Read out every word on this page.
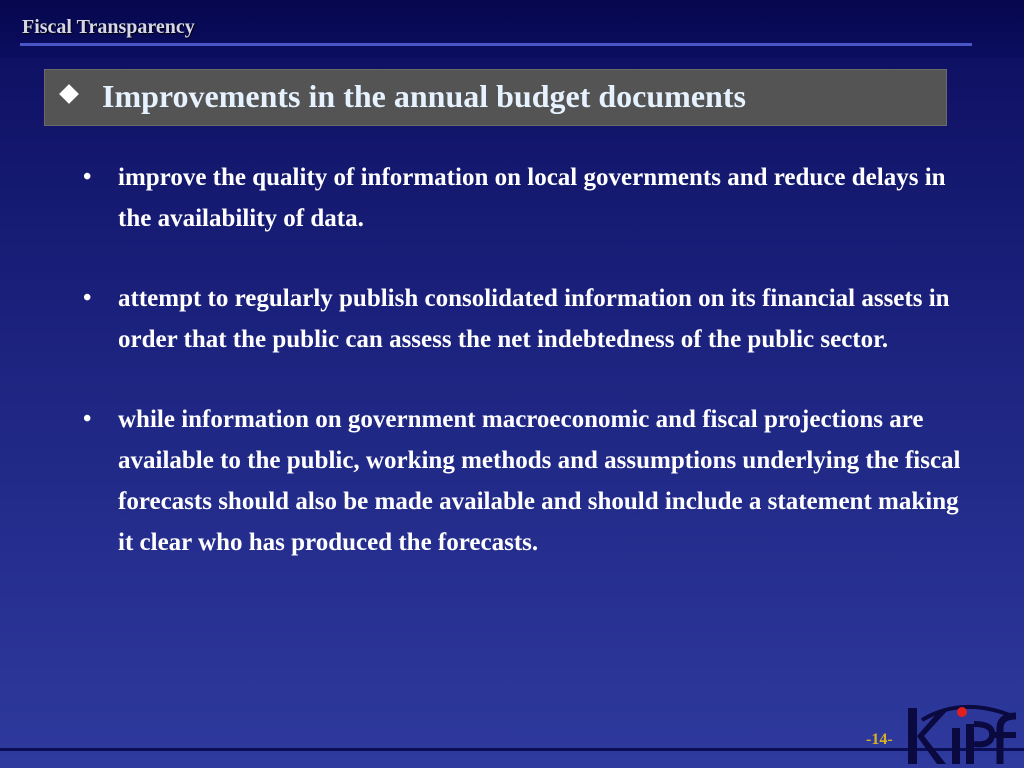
Fiscal Transparency
Improvements in the annual budget documents
• improve the quality of information on local governments and reduce delays in the availability of data.
• attempt to regularly publish consolidated information on its financial assets in order that the public can assess the net indebtedness of the public sector.
• while information on government macroeconomic and fiscal projections are available to the public, working methods and assumptions underlying the fiscal forecasts should also be made available and should include a statement making it clear who has produced the forecasts.
-14-
